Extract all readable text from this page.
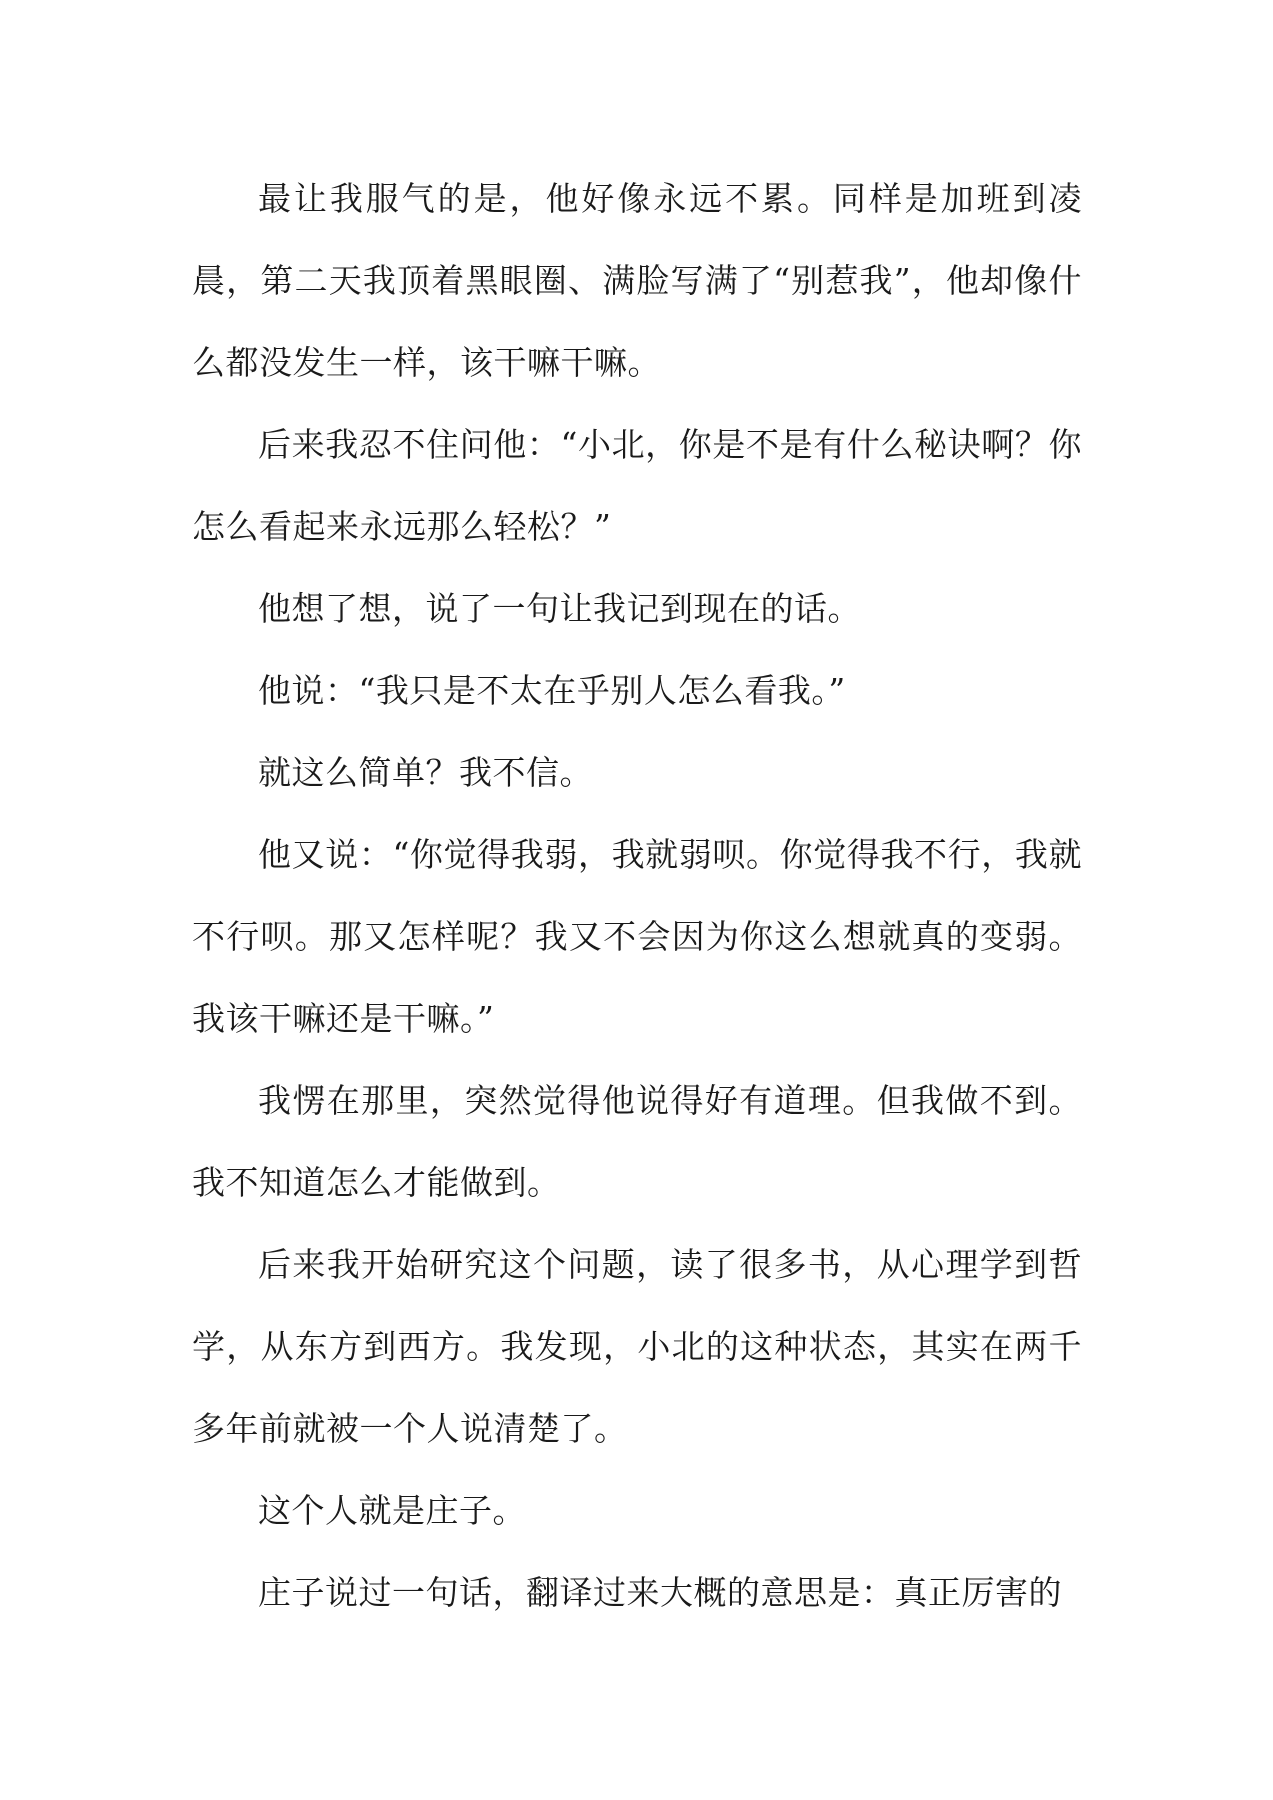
最让我服气的是，他好像永远不累。同样是加班到凌晨，第二天我顶着黑眼圈、满脸写满了“别惹我”，他却像什么都没发生一样，该干嘛干嘛。

后来我忍不住问他：“小北，你是不是有什么秘诀啊？你怎么看起来永远那么轻松？”

他想了想，说了一句让我记到现在的话。

他说：“我只是不太在乎别人怎么看我。”

就这么简单？我不信。

他又说：“你觉得我弱，我就弱呗。你觉得我不行，我就不行呗。那又怎样呢？我又不会因为你这么想就真的变弱。我该干嘛还是干嘛。”

我愣在那里，突然觉得他说得好有道理。但我做不到。我不知道怎么才能做到。

后来我开始研究这个问题，读了很多书，从心理学到哲学，从东方到西方。我发现，小北的这种状态，其实在两千多年前就被一个人说清楚了。

这个人就是庄子。

庄子说过一句话，翻译过来大概的意思是：真正厉害的
